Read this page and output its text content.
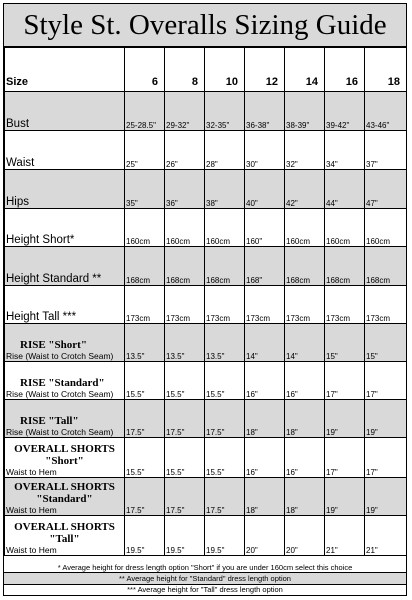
Style St. Overalls Sizing Guide
Size	6	8	10	12	14	16	18
Bust	25-28.5"	29-32"	32-35"	36-38"	38-39"	39-42"	43-46"
Waist	25"	26"	28"	30"	32"	34"	37"
Hips	35"	36"	38"	40"	42"	44"	47"
Height Short*	160cm	160cm	160cm	160"	160cm	160cm	160cm
Height Standard **	168cm	168cm	168cm	168"	168cm	168cm	168cm
Height Tall ***	173cm	173cm	173cm	173cm	173cm	173cm	173cm

RISE "Short"
Rise (Waist to Crotch Seam)	13.5"	13.5"	13.5"	14"	14"	15"	15"

RISE "Standard"
Rise (Waist to Crotch Seam)	15.5"	15.5"	15.5"	16"	16"	17"	17"

RISE "Tall"
Rise (Waist to Crotch Seam)	17.5"	17.5"	17.5"	18"	18"	19"	19"

OVERALL SHORTS
"Short"
Waist to Hem	15.5"	15.5"	15.5"	16"	16"	17"	17"

OVERALL SHORTS
"Standard"
Waist to Hem	17.5"	17.5"	17.5"	18"	18"	19"	19"

OVERALL SHORTS
"Tall"
Waist to Hem	19.5"	19.5"	19.5"	20"	20"	21"	21"
* Average height for dress length option "Short" if you are under 160cm select this choice
** Average height for "Standard" dress length option
*** Average height for "Tall" dress length option
